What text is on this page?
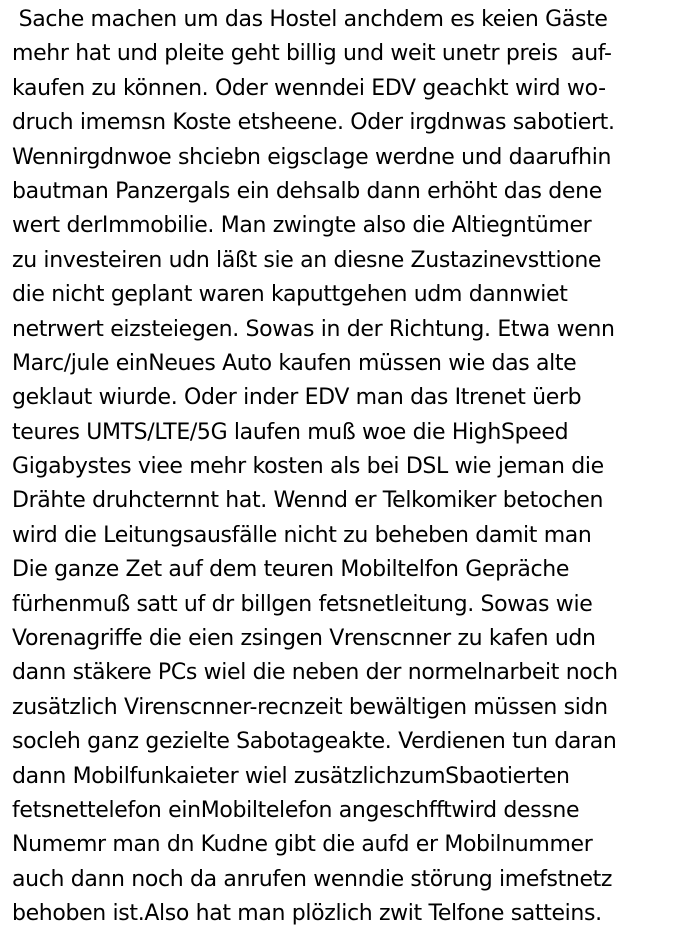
Sache machen um das Hostel anchdem es keien Gäste
mehr hat und pleite geht billig und weit unetr preis  auf-
kaufen zu können. Oder wenndei EDV geachkt wird wo-
druch imemsn Koste etsheene. Oder irgdnwas sabotiert.
Wennirgdnwoe shciebn eigsclage werdne und daarufhin
bautman Panzergals ein dehsalb dann erhöht das dene
wert derImmobilie. Man zwingte also die Altiegntümer
zu investeiren udn läßt sie an diesne Zustazinevsttione
die nicht geplant waren kaputtgehen udm dannwiet
netrwert eizsteiegen. Sowas in der Richtung. Etwa wenn
Marc/jule einNeues Auto kaufen müssen wie das alte
geklaut wiurde. Oder inder EDV man das Itrenet üerb
teures UMTS/LTE/5G laufen muß woe die HighSpeed
Gigabystes viee mehr kosten als bei DSL wie jeman die
Drähte druhcternnt hat. Wennd er Telkomiker betochen
wird die Leitungsausfälle nicht zu beheben damit man
Die ganze Zet auf dem teuren Mobiltelfon Gepräche
fürhenmuß satt uf dr billgen fetsnetleitung. Sowas wie
Vorenagriffe die eien zsingen Vrenscnner zu kafen udn
dann stäkere PCs wiel die neben der normelnarbeit noch
zusätzlich Virenscnner-recnzeit bewältigen müssen sidn
socleh ganz gezielte Sabotageakte. Verdienen tun daran
dann Mobilfunkaieter wiel zusätzlichzumSbaotierten
fetsnettelefon einMobiltelefon angeschfftwird dessne
Numemr man dn Kudne gibt die aufd er Mobilnummer
auch dann noch da anrufen wenndie störung imefstnetz
behoben ist.Also hat man plözlich zwit Telfone satteins.
